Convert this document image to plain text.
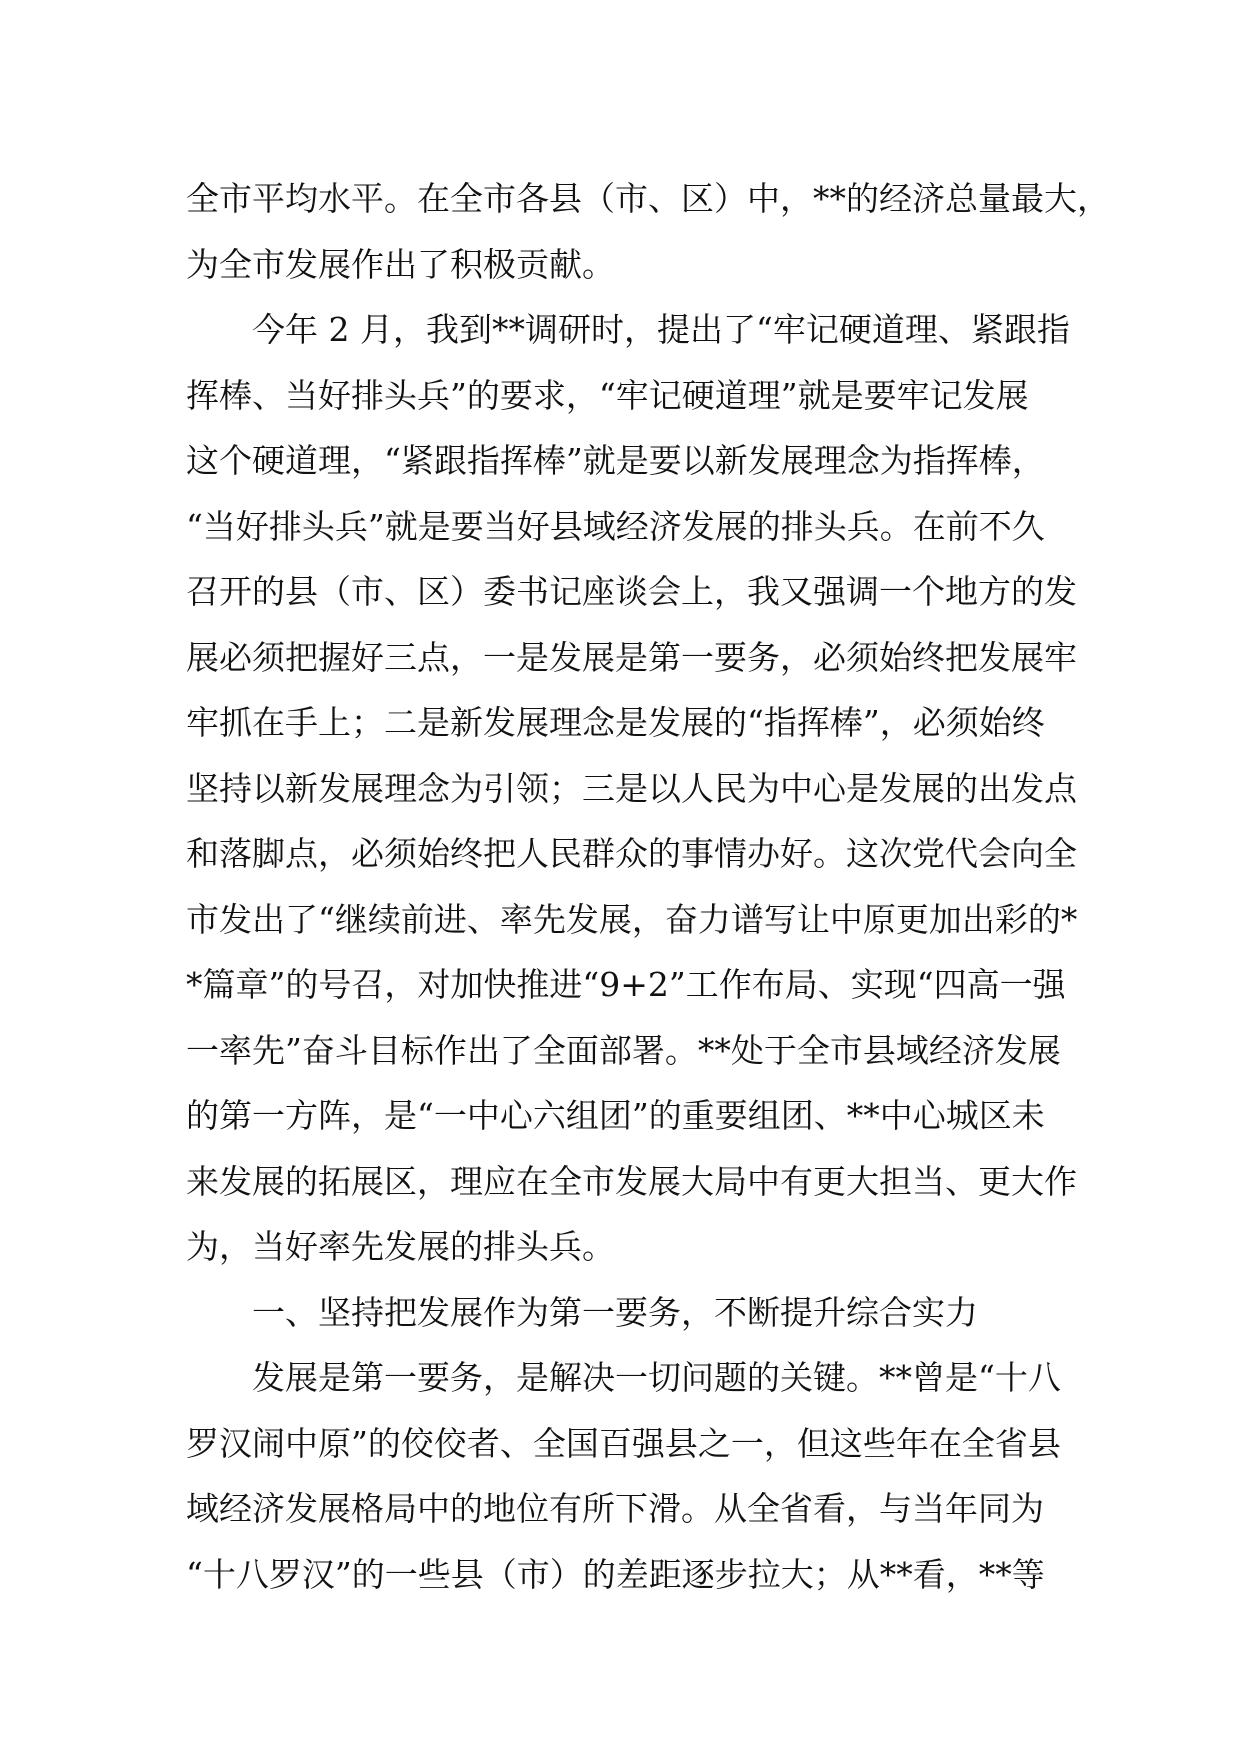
全市平均水平。在全市各县（市、区）中，**的经济总量最大，
为全市发展作出了积极贡献。
　　今年 2 月，我到**调研时，提出了“牢记硬道理、紧跟指
挥棒、当好排头兵”的要求，“牢记硬道理”就是要牢记发展
这个硬道理，“紧跟指挥棒”就是要以新发展理念为指挥棒，
“当好排头兵”就是要当好县域经济发展的排头兵。在前不久
召开的县（市、区）委书记座谈会上，我又强调一个地方的发
展必须把握好三点，一是发展是第一要务，必须始终把发展牢
牢抓在手上；二是新发展理念是发展的“指挥棒”，必须始终
坚持以新发展理念为引领；三是以人民为中心是发展的出发点
和落脚点，必须始终把人民群众的事情办好。这次党代会向全
市发出了“继续前进、率先发展，奋力谱写让中原更加出彩的*
*篇章”的号召，对加快推进“9+2”工作布局、实现“四高一强
一率先”奋斗目标作出了全面部署。**处于全市县域经济发展
的第一方阵，是“一中心六组团”的重要组团、**中心城区未
来发展的拓展区，理应在全市发展大局中有更大担当、更大作
为，当好率先发展的排头兵。
　　一、坚持把发展作为第一要务，不断提升综合实力
　　发展是第一要务，是解决一切问题的关键。**曾是“十八
罗汉闹中原”的佼佼者、全国百强县之一，但这些年在全省县
域经济发展格局中的地位有所下滑。从全省看，与当年同为
“十八罗汉”的一些县（市）的差距逐步拉大；从**看，**等
